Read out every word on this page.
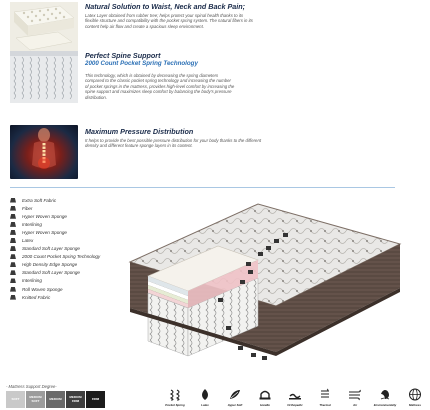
Natural Solution to Waist, Neck and Back Pain;
Latex Layer obtained from rubber tree; helps protect your spinal health thanks to its flexible structure and compatibility with the pocket spring system. The natural fibers in its content help air flow and create a spacious sleep environment.
Perfect Spine Support
2000 Count Pocket Spring Technology
This technology, which is obtained by decreasing the spring diameters compared to the classic pocket spring technology and increasing the number of pocket springs in the mattress, provides high-level comfort by increasing the spine support and maximizes sleep comfort by balancing the body's pressure distribution.
Maximum Pressure Distribution
It helps to provide the best possible pressure distribution for your body thanks to the different density and different feature sponge layers in its content.
Extra Soft Fabric
Fiber
Hyper Woven Sponge
Interlining
Hyper Woven Sponge
Latex
Standard Soft Layer Sponge
2000 Count Pocket Spring Technology
High Density Edge Sponge
Standard Soft Layer Sponge
Interlining
Roll Woven Sponge
Knitted Fabric
- Mattress Support Degree-
SOFT	MEDIUM SOFT	MEDIUM	MEDIUM FIRM	FIRM
Pocket Spring	Latex	Hyper Soft	Handle	Orthopedic	Thermal	Air	Environmentally	Mattress
